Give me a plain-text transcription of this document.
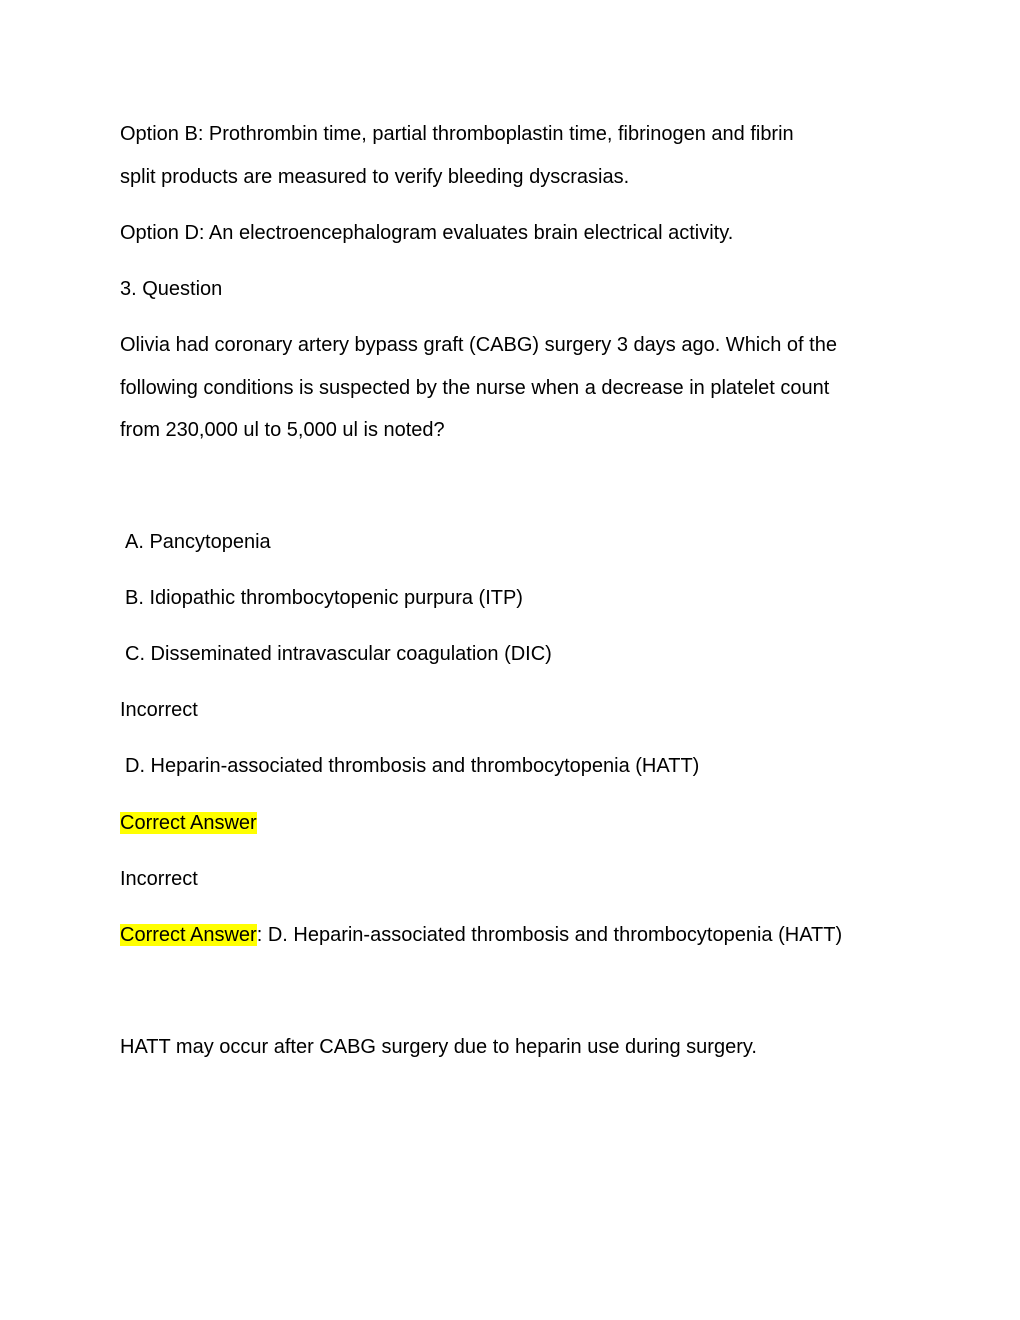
Option B: Prothrombin time, partial thromboplastin time, fibrinogen and fibrin
split products are measured to verify bleeding dyscrasias.
Option D: An electroencephalogram evaluates brain electrical activity.
3. Question
Olivia had coronary artery bypass graft (CABG) surgery 3 days ago. Which of the
following conditions is suspected by the nurse when a decrease in platelet count
from 230,000 ul to 5,000 ul is noted?
A. Pancytopenia
B. Idiopathic thrombocytopenic purpura (ITP)
C. Disseminated intravascular coagulation (DIC)
Incorrect
D. Heparin-associated thrombosis and thrombocytopenia (HATT)
Correct Answer
Incorrect
Correct Answer: D. Heparin-associated thrombosis and thrombocytopenia (HATT)
HATT may occur after CABG surgery due to heparin use during surgery.
